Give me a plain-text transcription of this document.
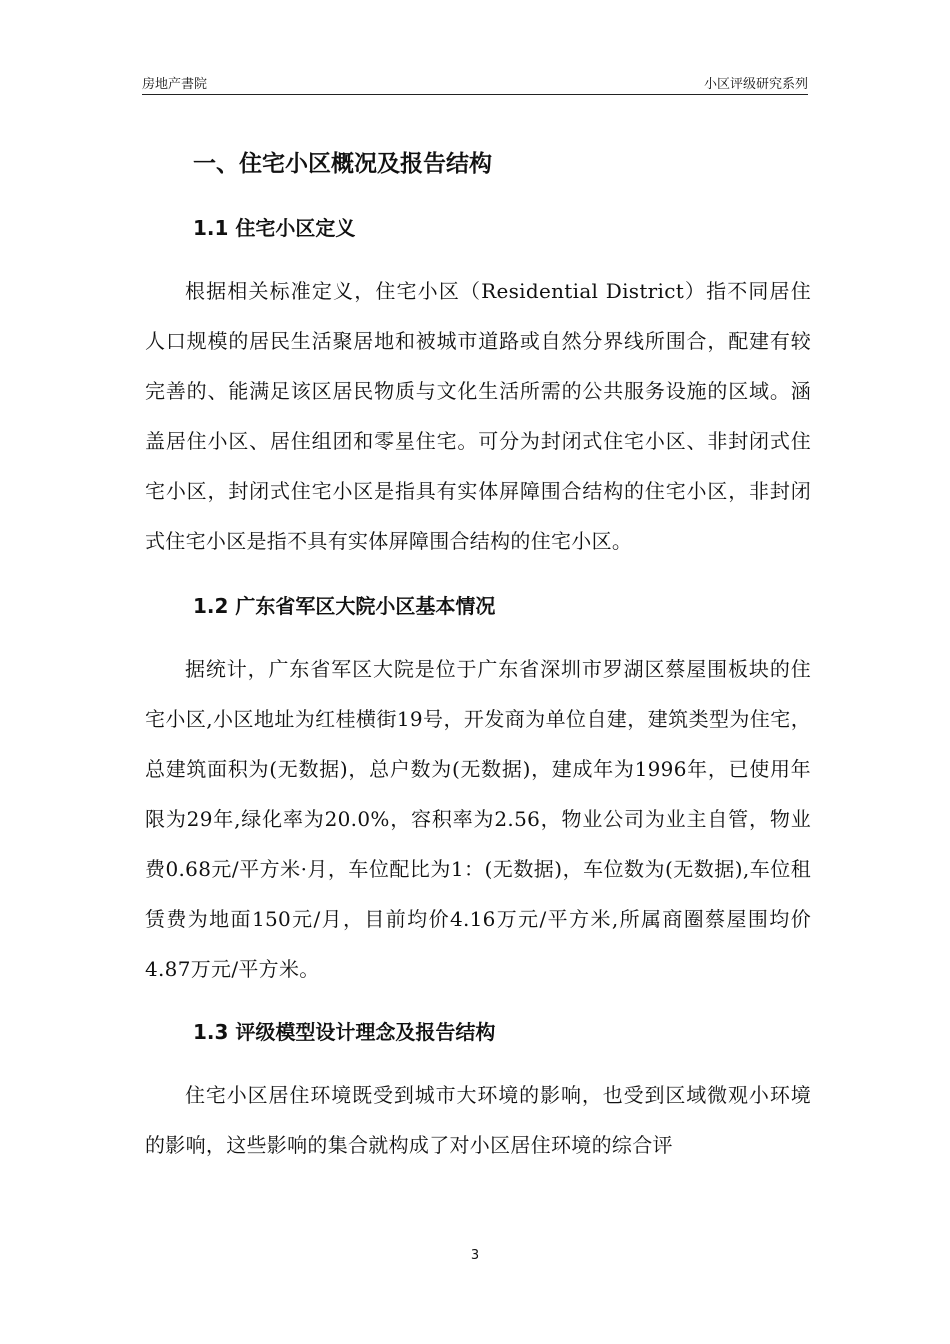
房地产書院	小区评级研究系列
一、住宅小区概况及报告结构
1.1 住宅小区定义

根据相关标准定义，住宅小区（Residential District）指不同居住人口规模的居民生活聚居地和被城市道路或自然分界线所围合，配建有较完善的、能满足该区居民物质与文化生活所需的公共服务设施的区域。涵盖居住小区、居住组团和零星住宅。可分为封闭式住宅小区、非封闭式住宅小区，封闭式住宅小区是指具有实体屏障围合结构的住宅小区，非封闭式住宅小区是指不具有实体屏障围合结构的住宅小区。

1.2 广东省军区大院小区基本情况

据统计，广东省军区大院是位于广东省深圳市罗湖区蔡屋围板块的住宅小区,小区地址为红桂横街19号，开发商为单位自建，建筑类型为住宅，总建筑面积为(无数据)，总户数为(无数据)，建成年为1996年，已使用年限为29年,绿化率为20.0%，容积率为2.56，物业公司为业主自管，物业费0.68元/平方米·月，车位配比为1：(无数据)，车位数为(无数据),车位租赁费为地面150元/月，目前均价4.16万元/平方米,所属商圈蔡屋围均价4.87万元/平方米。

1.3 评级模型设计理念及报告结构

住宅小区居住环境既受到城市大环境的影响，也受到区域微观小环境的影响，这些影响的集合就构成了对小区居住环境的综合评

3
